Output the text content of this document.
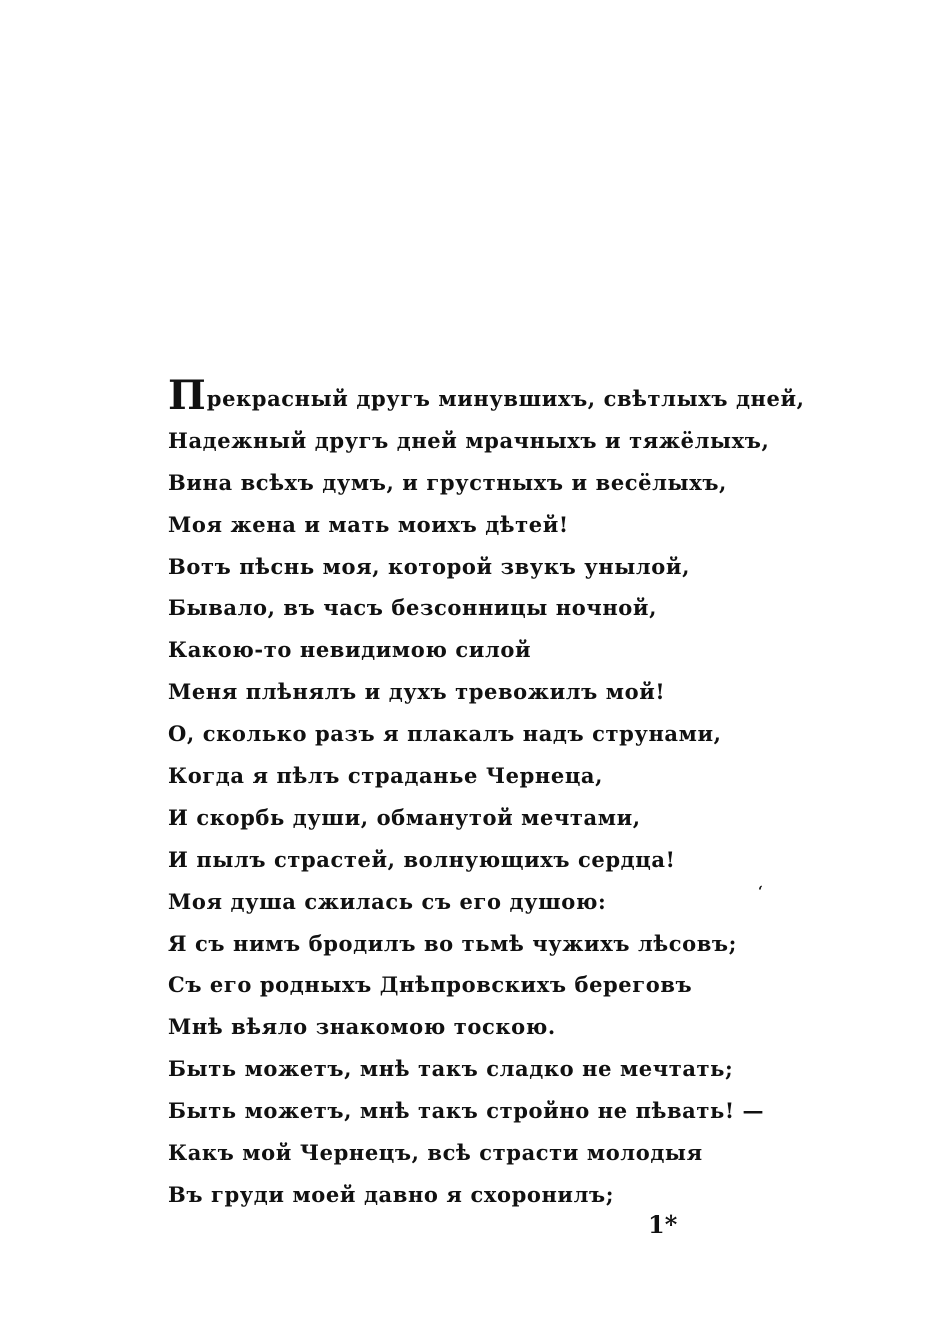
Прекрасный другъ минувшихъ, свѣтлыхъ дней,
Надежный другъ дней мрачныхъ и тяжёлыхъ,
Вина всѣхъ думъ, и грустныхъ и весёлыхъ,
Моя жена и мать моихъ дѣтей!
Вотъ пѣснь моя, которой звукъ унылой,
Бывало, въ часъ безсонницы ночной,
Какою-то невидимою силой
Меня плѣнялъ и духъ тревожилъ мой!
О, сколько разъ я плакалъ надъ струнами,
Когда я пѣлъ страданье Чернеца,
И скорбь души, обманутой мечтами,
И пылъ страстей, волнующихъ сердца!
Моя душа сжилась съ его душою:
Я съ нимъ бродилъ во тьмѣ чужихъ лѣсовъ;
Съ его родныхъ Днѣпровскихъ береговъ
Мнѣ вѣяло знакомою тоскою.
Быть можетъ, мнѣ такъ сладко не мечтать;
Быть можетъ, мнѣ такъ стройно не пѣвать! —
Какъ мой Чернецъ, всѣ страсти молодыя
Въ груди моей давно я схоронилъ;
‘
1*
